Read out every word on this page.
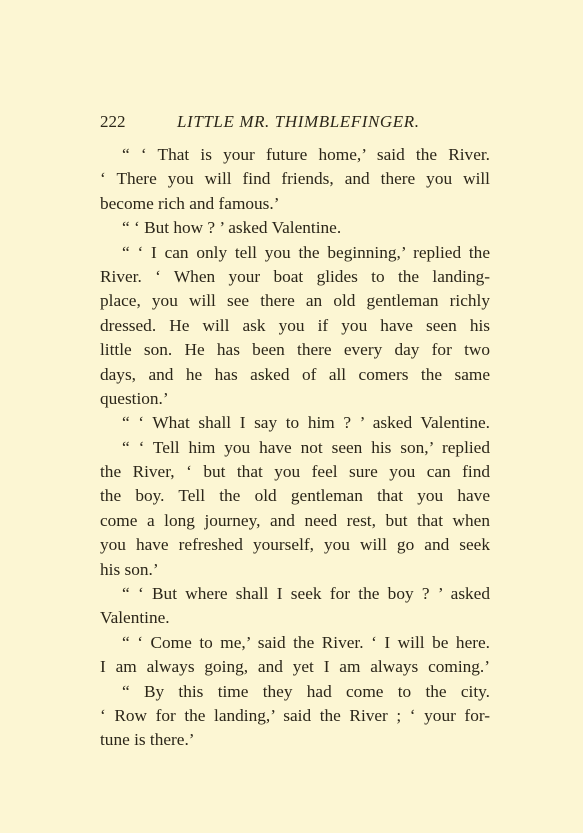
222	LITTLE MR. THIMBLEFINGER.
“ ‘ That is your future home,’ said the River.
‘ There you will find friends, and there you will
become rich and famous.’
“ ‘ But how ? ’ asked Valentine.
“ ‘ I can only tell you the beginning,’ replied the
River. ‘ When your boat glides to the landing-
place, you will see there an old gentleman richly
dressed. He will ask you if you have seen his
little son. He has been there every day for two
days, and he has asked of all comers the same
question.’
“ ‘ What shall I say to him ? ’ asked Valentine.
“ ‘ Tell him you have not seen his son,’ replied
the River, ‘ but that you feel sure you can find
the boy. Tell the old gentleman that you have
come a long journey, and need rest, but that when
you have refreshed yourself, you will go and seek
his son.’
“ ‘ But where shall I seek for the boy ? ’ asked
Valentine.
“ ‘ Come to me,’ said the River. ‘ I will be here.
I am always going, and yet I am always coming.’
“ By this time they had come to the city.
‘ Row for the landing,’ said the River ; ‘ your for-
tune is there.’
